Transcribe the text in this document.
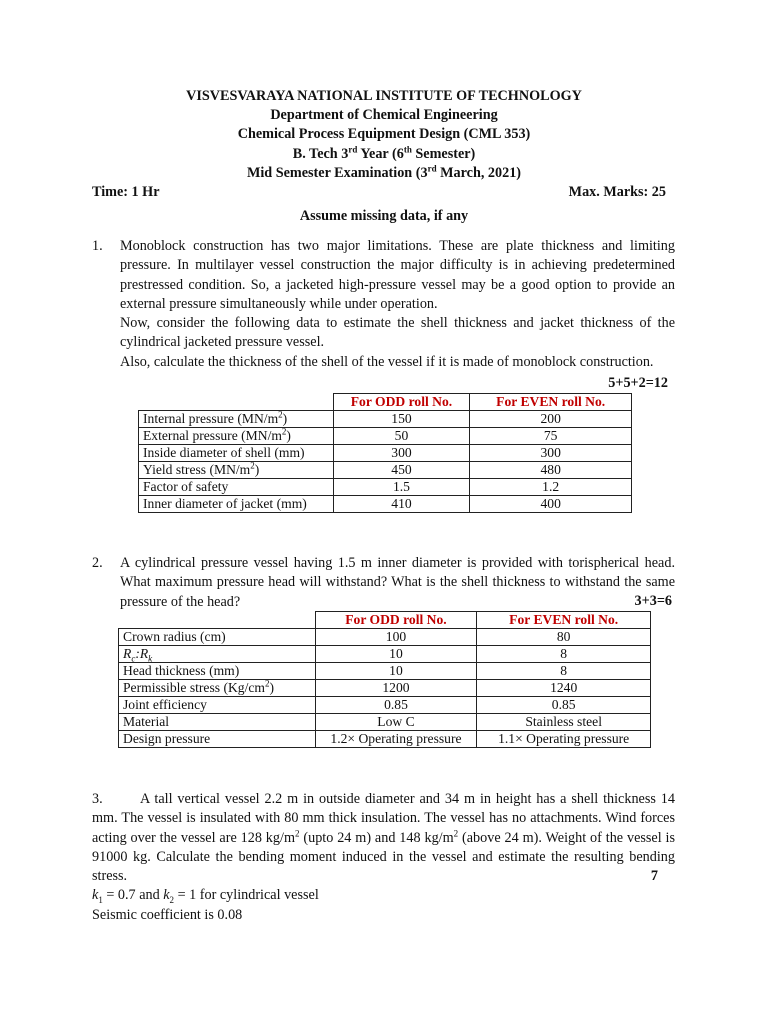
VISVESVARAYA NATIONAL INSTITUTE OF TECHNOLOGY
Department of Chemical Engineering
Chemical Process Equipment Design (CML 353)
B. Tech 3rd Year (6th Semester)
Mid Semester Examination (3rd March, 2021)
Time: 1 Hr	Max. Marks: 25
Assume missing data, if any
1. Monoblock construction has two major limitations. These are plate thickness and limiting pressure. In multilayer vessel construction the major difficulty is in achieving predetermined prestressed condition. So, a jacketed high-pressure vessel may be a good option to provide an external pressure simultaneously while under operation.

Now, consider the following data to estimate the shell thickness and jacket thickness of the cylindrical jacketed pressure vessel.

Also, calculate the thickness of the shell of the vessel if it is made of monoblock construction.

5+5+2=12
	For ODD roll No.	For EVEN roll No.
Internal pressure $(MN/m^2)$	150	200
External pressure $(MN/m^2)$	50	75
Inside diameter of shell (mm)	300	300
Yield stress $(MN/m^2)$	450	480
Factor of safety	1.5	1.2
Inner diameter of jacket (mm)	410	400
2. A cylindrical pressure vessel having 1.5 m inner diameter is provided with torispherical head. What maximum pressure head will withstand? What is the shell thickness to withstand the same pressure of the head?	3+3=6
	For ODD roll No.	For EVEN roll No.
Crown radius (cm)	100	80
$R_c:R_k$	10	8
Head thickness (mm)	10	8
Permissible stress $(Kg/cm^2)$	1200	1240
Joint efficiency	0.85	0.85
Material	Low C	Stainless steel
Design pressure	1.2× Operating pressure	1.1× Operating pressure
3.	A tall vertical vessel 2.2 m in outside diameter and 34 m in height has a shell thickness 14 mm. The vessel is insulated with 80 mm thick insulation. The vessel has no attachments. Wind forces acting over the vessel are 128 $kg/m^2$ (upto 24 m) and 148 $kg/m^2$ (above 24 m). Weight of the vessel is 91000 kg. Calculate the bending moment induced in the vessel and estimate the resulting bending stress.

$k_1 = 0.7$ and $k_2 = 1$ for cylindrical vessel

Seismic coefficient is 0.08

7
